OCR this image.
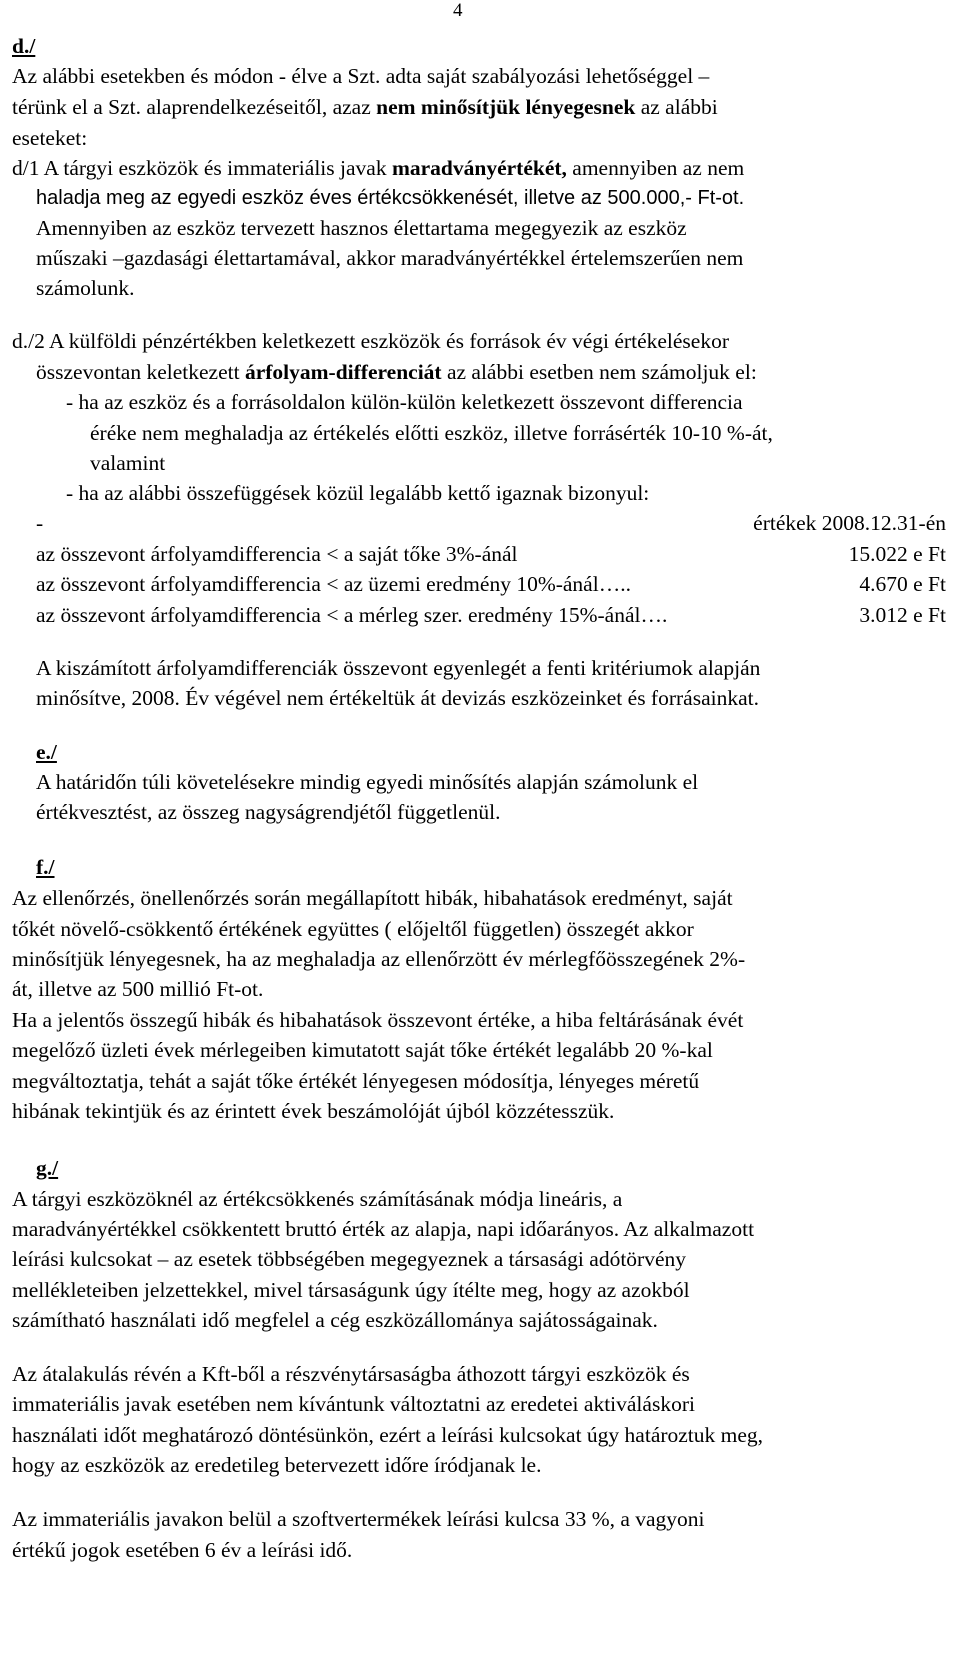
4
d./
Az alábbi esetekben és módon - élve a Szt. adta saját szabályozási lehetőséggel –
térünk el a Szt. alaprendelkezéseitől, azaz nem minősítjük lényegesnek az alábbi
eseteket:
d/1 A tárgyi eszközök és immateriális javak maradványértékét, amennyiben az nem
haladja meg az egyedi eszköz éves értékcsökkenését, illetve az 500.000,- Ft-ot.
Amennyiben az eszköz tervezett hasznos élettartama megegyezik az eszköz
műszaki –gazdasági élettartamával, akkor maradványértékkel értelemszerűen nem
számolunk.
d./2 A külföldi pénzértékben keletkezett eszközök és források év végi értékelésekor
összevontan keletkezett árfolyam-differenciát az alábbi esetben nem számoljuk el:
- ha az eszköz és a forrásoldalon külön-külön keletkezett összevont differencia
éréke nem meghaladja az értékelés előtti eszköz, illetve forrásérték 10-10 %-át,
valamint
- ha az alábbi összefüggések közül legalább kettő igaznak bizonyul:
-	értékek 2008.12.31-én
az összevont árfolyamdifferencia < a saját tőke 3%-ánál	15.022 e Ft
az összevont árfolyamdifferencia < az üzemi eredmény 10%-ánál…..	4.670 e Ft
az összevont árfolyamdifferencia < a mérleg szer. eredmény 15%-ánál….	3.012 e Ft
A kiszámított árfolyamdifferenciák összevont egyenlegét a fenti kritériumok alapján
minősítve, 2008. Év végével nem értékeltük át devizás eszközeinket és forrásainkat.
e./
A határidőn túli követelésekre mindig egyedi minősítés alapján számolunk el
értékvesztést, az összeg nagyságrendjétől függetlenül.
f./
Az ellenőrzés, önellenőrzés során megállapított hibák, hibahatások eredményt, saját
tőkét növelő-csökkentő értékének együttes ( előjeltől független) összegét akkor
minősítjük lényegesnek, ha az meghaladja az ellenőrzött év mérlegfőösszegének 2%-
át, illetve az 500 millió Ft-ot.
Ha a jelentős összegű hibák és hibahatások összevont értéke, a hiba feltárásának évét
megelőző üzleti évek mérlegeiben kimutatott saját tőke értékét legalább 20 %-kal
megváltoztatja, tehát a saját tőke értékét lényegesen módosítja, lényeges méretű
hibának tekintjük és az érintett évek beszámolóját újból közzétesszük.
g./
A tárgyi eszközöknél az értékcsökkenés számításának módja lineáris, a
maradványértékkel csökkentett bruttó érték az alapja, napi időarányos. Az alkalmazott
leírási kulcsokat – az esetek többségében megegyeznek a társasági adótörvény
mellékleteiben jelzettekkel, mivel társaságunk úgy ítélte meg, hogy az azokból
számítható használati idő megfelel a cég eszközállománya sajátosságainak.
Az átalakulás révén a Kft-ből a részvénytársaságba áthozott tárgyi eszközök és
immateriális javak esetében nem kívántunk változtatni az eredetei aktiváláskori
használati időt meghatározó döntésünkön, ezért a leírási kulcsokat úgy határoztuk meg,
hogy az eszközök az eredetileg betervezett időre íródjanak le.
Az immateriális javakon belül a szoftvertermékek leírási kulcsa 33 %, a vagyoni
értékű jogok esetében 6 év a leírási idő.
